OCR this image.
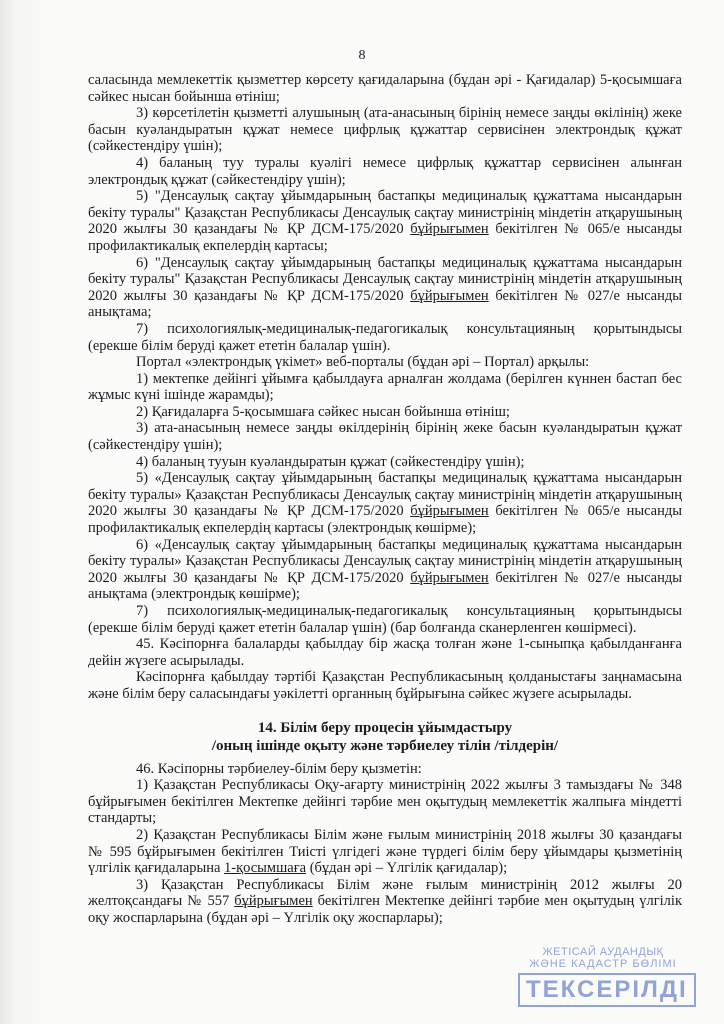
8

саласында мемлекеттік қызметтер көрсету қағидаларына (бұдан әрі - Қағидалар) 5-қосымшаға сәйкес нысан бойынша өтініш;

3) көрсетілетін қызметті алушының (ата-анасының бірінің немесе заңды өкілінің) жеке басын куәландыратын құжат немесе цифрлық құжаттар сервисінен электрондық құжат (сәйкестендіру үшін);

4) баланың туу туралы куәлігі немесе цифрлық құжаттар сервисінен алынған электрондық құжат (сәйкестендіру үшін);

5) "Денсаулық сақтау ұйымдарының бастапқы медициналық құжаттама нысандарын бекіту туралы" Қазақстан Республикасы Денсаулық сақтау министрінің міндетін атқарушының 2020 жылғы 30 қазандағы № ҚР ДСМ-175/2020 бұйрығымен бекітілген № 065/е нысанды профилактикалық екпелердің картасы;

6) "Денсаулық сақтау ұйымдарының бастапқы медициналық құжаттама нысандарын бекіту туралы" Қазақстан Республикасы Денсаулық сақтау министрінің міндетін атқарушының 2020 жылғы 30 қазандағы № ҚР ДСМ-175/2020 бұйрығымен бекітілген № 027/е нысанды анықтама;

7) психологиялық-медициналық-педагогикалық консультацияның қорытындысы (ерекше білім беруді қажет ететін балалар үшін).

Портал «электрондық үкімет» веб-порталы (бұдан әрі – Портал) арқылы:

1) мектепке дейінгі ұйымға қабылдауға арналған жолдама (берілген күннен бастап бес жұмыс күні ішінде жарамды);

2) Қағидаларға 5-қосымшаға сәйкес нысан бойынша өтініш;

3) ата-анасының немесе заңды өкілдерінің бірінің жеке басын куәландыратын құжат (сәйкестендіру үшін);

4) баланың тууын куәландыратын құжат (сәйкестендіру үшін);

5) «Денсаулық сақтау ұйымдарының бастапқы медициналық құжаттама нысандарын бекіту туралы» Қазақстан Республикасы Денсаулық сақтау министрінің міндетін атқарушының 2020 жылғы 30 қазандағы № ҚР ДСМ-175/2020 бұйрығымен бекітілген № 065/е нысанды профилактикалық екпелердің картасы (электрондық көшірме);

6) «Денсаулық сақтау ұйымдарының бастапқы медициналық құжаттама нысандарын бекіту туралы» Қазақстан Республикасы Денсаулық сақтау министрінің міндетін атқарушының 2020 жылғы 30 қазандағы № ҚР ДСМ-175/2020 бұйрығымен бекітілген № 027/е нысанды анықтама (электрондық көшірме);

7) психологиялық-медициналық-педагогикалық консультацияның қорытындысы (ерекше білім беруді қажет ететін балалар үшін) (бар болғанда сканерленген көшірмесі).

45. Кәсіпорнға балаларды қабылдау бір жасқа толған және 1-сыныпқа қабылданғанға дейін жүзеге асырылады.

Кәсіпорнға қабылдау тәртібі Қазақстан Республикасының қолданыстағы заңнамасына және білім беру саласындағы уәкілетті органның бұйрығына сәйкес жүзеге асырылады.

14. Білім беру процесін ұйымдастыру
/оның ішінде оқыту және тәрбиелеу тілін /тілдерін/

46. Кәсіпорны тәрбиелеу-білім беру қызметін:

1) Қазақстан Республикасы Оқу-ағарту министрінің 2022 жылғы 3 тамыздағы № 348 бұйрығымен бекітілген Мектепке дейінгі тәрбие мен оқытудың мемлекеттік жалпыға міндетті стандарты;

2) Қазақстан Республикасы Білім және ғылым министрінің 2018 жылғы 30 қазандағы № 595 бұйрығымен бекітілген Тиісті үлгідегі және түрдегі білім беру ұйымдары қызметінің үлгілік қағидаларына 1-қосымшаға (бұдан әрі – Үлгілік қағидалар);

3) Қазақстан Республикасы Білім және ғылым министрінің 2012 жылғы 20 желтоқсандағы № 557 бұйрығымен бекітілген Мектепке дейінгі тәрбие мен оқытудың үлгілік оқу жоспарларына (бұдан әрі – Үлгілік оқу жоспарлары);

ЖЕТІСАЙ АУДАНДЫҚ
ЖӘНЕ КАДАСТР БӨЛІМІ
ТЕКСЕРІЛДІ
